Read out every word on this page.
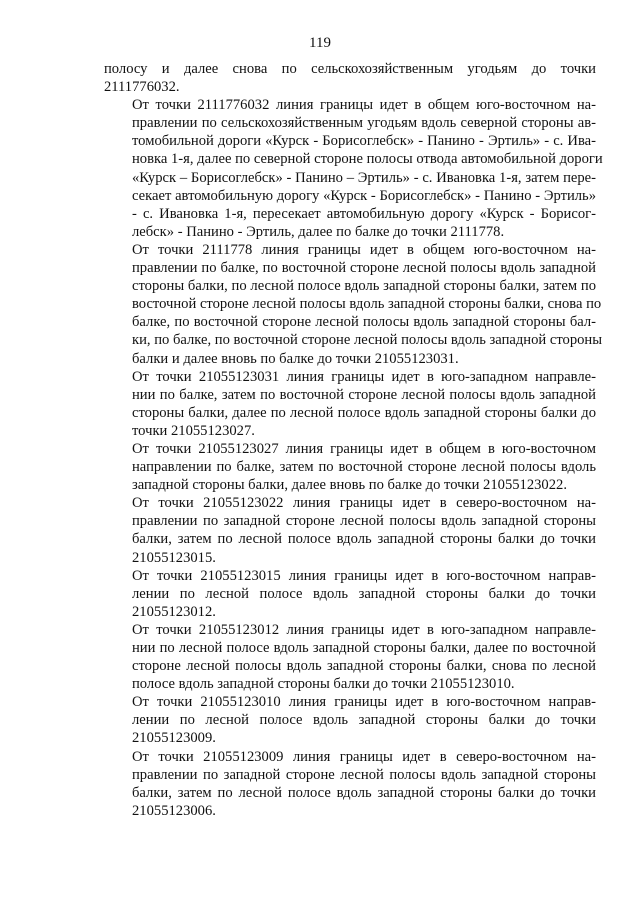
119

полосу и далее снова по сельскохозяйственным угодьям до точки
2111776032.

От точки 2111776032 линия границы идет в общем юго-восточном на-
правлении по сельскохозяйственным угодьям вдоль северной стороны ав-
томобильной дороги «Курск - Борисоглебск» - Панино - Эртиль» - с. Ива-
новка 1-я, далее по северной стороне полосы отвода автомобильной дороги
«Курск – Борисоглебск» - Панино – Эртиль» - с. Ивановка 1-я, затем пере-
секает автомобильную дорогу «Курск - Борисоглебск» - Панино - Эртиль»
- с. Ивановка 1-я, пересекает автомобильную дорогу «Курск - Борисог-
лебск» - Панино - Эртиль, далее по балке до точки 2111778.

От точки 2111778 линия границы идет в общем юго-восточном на-
правлении по балке, по восточной стороне лесной полосы вдоль западной
стороны балки, по лесной полосе вдоль западной стороны балки, затем по
восточной стороне лесной полосы вдоль западной стороны балки, снова по
балке, по восточной стороне лесной полосы вдоль западной стороны бал-
ки, по балке, по восточной стороне лесной полосы вдоль западной стороны
балки и далее вновь по балке до точки 21055123031.

От точки 21055123031 линия границы идет в юго-западном направле-
нии по балке, затем по восточной стороне лесной полосы вдоль западной
стороны балки, далее по лесной полосе вдоль западной стороны балки до
точки 21055123027.

От точки 21055123027 линия границы идет в общем в юго-восточном
направлении по балке, затем по восточной стороне лесной полосы вдоль
западной стороны балки, далее вновь по балке до точки 21055123022.

От точки 21055123022 линия границы идет в северо-восточном на-
правлении по западной стороне лесной полосы вдоль западной стороны
балки, затем по лесной полосе вдоль западной стороны балки до точки
21055123015.

От точки 21055123015 линия границы идет в юго-восточном направ-
лении по лесной полосе вдоль западной стороны балки до точки
21055123012.

От точки 21055123012 линия границы идет в юго-западном направле-
нии по лесной полосе вдоль западной стороны балки, далее по восточной
стороне лесной полосы вдоль западной стороны балки, снова по лесной
полосе вдоль западной стороны балки до точки 21055123010.

От точки 21055123010 линия границы идет в юго-восточном направ-
лении по лесной полосе вдоль западной стороны балки до точки
21055123009.

От точки 21055123009 линия границы идет в северо-восточном на-
правлении по западной стороне лесной полосы вдоль западной стороны
балки, затем по лесной полосе вдоль западной стороны балки до точки
21055123006.
